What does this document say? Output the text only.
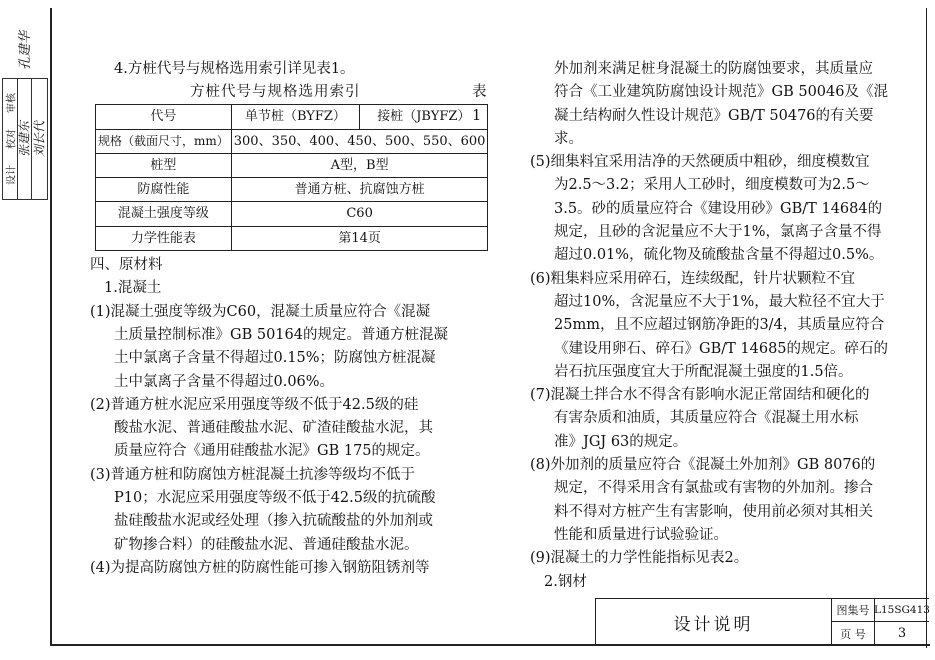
孔建华
审核
校对
设计
张建东 刘长代

4.方桩代号与规格选用索引详见表1。

方桩代号与规格选用索引	表1
代号	单节桩（BYFZ）	接桩（JBYFZ）
规格（截面尺寸，mm）	300、350、400、450、500、550、600	
桩型	A型，B型	
防腐性能	普通方桩、抗腐蚀方桩	
混凝土强度等级	C60	
力学性能表	第14页	

四、原材料

1.混凝土

(1)混凝土强度等级为C60，混凝土质量应符合《混凝

土质量控制标准》GB 50164的规定。普通方桩混凝

土中氯离子含量不得超过0.15%；防腐蚀方桩混凝

土中氯离子含量不得超过0.06%。

(2)普通方桩水泥应采用强度等级不低于42.5级的硅

酸盐水泥、普通硅酸盐水泥、矿渣硅酸盐水泥，其

质量应符合《通用硅酸盐水泥》GB 175的规定。

(3)普通方桩和防腐蚀方桩混凝土抗渗等级均不低于

P10；水泥应采用强度等级不低于42.5级的抗硫酸

盐硅酸盐水泥或经处理（掺入抗硫酸盐的外加剂或

矿物掺合料）的硅酸盐水泥、普通硅酸盐水泥。

(4)为提高防腐蚀方桩的防腐性能可掺入钢筋阻锈剂等

外加剂来满足桩身混凝土的防腐蚀要求，其质量应

符合《工业建筑防腐蚀设计规范》GB 50046及《混

凝土结构耐久性设计规范》GB/T 50476的有关要

求。

(5)细集料宜采用洁净的天然硬质中粗砂，细度模数宜

为2.5～3.2；采用人工砂时，细度模数可为2.5～

3.5。砂的质量应符合《建设用砂》GB/T 14684的

规定，且砂的含泥量应不大于1%，氯离子含量不得

超过0.01%，硫化物及硫酸盐含量不得超过0.5%。

(6)粗集料应采用碎石，连续级配，针片状颗粒不宜

超过10%，含泥量应不大于1%，最大粒径不宜大于

25mm，且不应超过钢筋净距的3/4，其质量应符合

《建设用卵石、碎石》GB/T 14685的规定。碎石的

岩石抗压强度宜大于所配混凝土强度的1.5倍。

(7)混凝土拌合水不得含有影响水泥正常固结和硬化的

有害杂质和油质，其质量应符合《混凝土用水标

准》JGJ 63的规定。

(8)外加剂的质量应符合《混凝土外加剂》GB 8076的

规定，不得采用含有氯盐或有害物的外加剂。掺合

料不得对方桩产生有害影响，使用前必须对其相关

性能和质量进行试验验证。

(9)混凝土的力学性能指标见表2。

2.钢材

设计说明
图集号 L15SG413
页 号	3
